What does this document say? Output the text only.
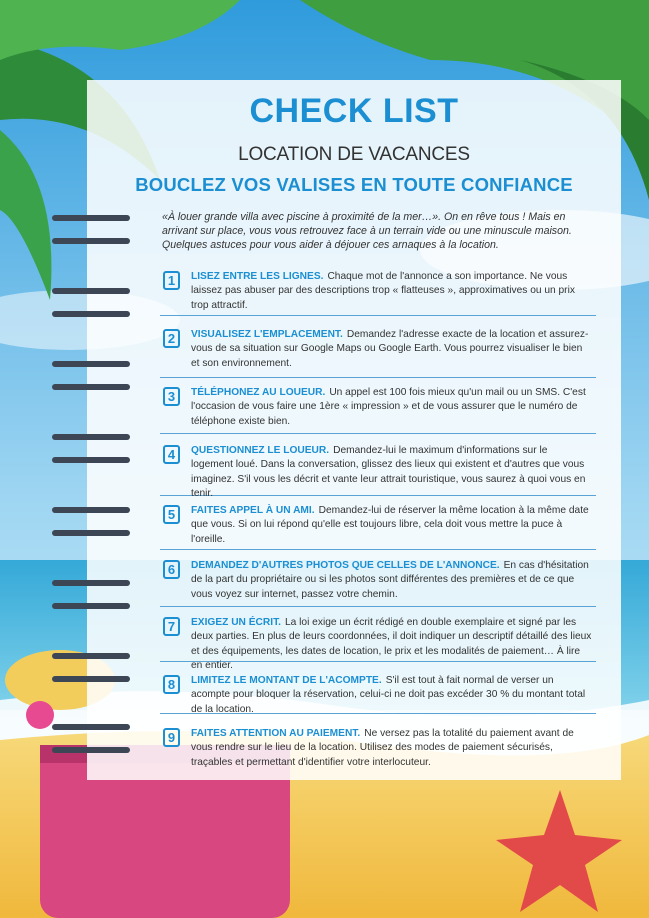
CHECK LIST
LOCATION DE VACANCES
BOUCLEZ VOS VALISES EN TOUTE CONFIANCE
«À louer grande villa avec piscine à proximité de la mer…». On en rêve tous ! Mais en arrivant sur place, vous vous retrouvez face à un terrain vide ou une minuscule maison. Quelques astuces pour vous aider à déjouer ces arnaques à la location.
1	LISEZ ENTRE LES LIGNES. Chaque mot de l'annonce a son importance. Ne vous laissez pas abuser par des descriptions trop « flatteuses », approximatives ou un prix trop attractif.
2	VISUALISEZ L'EMPLACEMENT. Demandez l'adresse exacte de la location et assurez-vous de sa situation sur Google Maps ou Google Earth. Vous pourrez visualiser le bien et son environnement.
3	TÉLÉPHONEZ AU LOUEUR. Un appel est 100 fois mieux qu'un mail ou un SMS. C'est l'occasion de vous faire une 1ère « impression » et de vous assurer que le numéro de téléphone existe bien.
4	QUESTIONNEZ LE LOUEUR. Demandez-lui le maximum d'informations sur le logement loué. Dans la conversation, glissez des lieux qui existent et d'autres que vous imaginez. S'il vous les décrit et vante leur attrait touristique, vous saurez à quoi vous en tenir.
5	FAITES APPEL À UN AMI. Demandez-lui de réserver la même location à la même date que vous. Si on lui répond qu'elle est toujours libre, cela doit vous mettre la puce à l'oreille.
6	DEMANDEZ D'AUTRES PHOTOS QUE CELLES DE L'ANNONCE. En cas d'hésitation de la part du propriétaire ou si les photos sont différentes des premières et de ce que vous voyez sur internet, passez votre chemin.
7	EXIGEZ UN ÉCRIT. La loi exige un écrit rédigé en double exemplaire et signé par les deux parties. En plus de leurs coordonnées, il doit indiquer un descriptif détaillé des lieux et des équipements, les dates de location, le prix et les modalités de paiement… À lire en entier.
8	LIMITEZ LE MONTANT DE L'ACOMPTE. S'il est tout à fait normal de verser un acompte pour bloquer la réservation, celui-ci ne doit pas excéder 30 % du montant total de la location.
9	FAITES ATTENTION AU PAIEMENT. Ne versez pas la totalité du paiement avant de vous rendre sur le lieu de la location. Utilisez des modes de paiement sécurisés, traçables et permettant d'identifier votre interlocuteur.
